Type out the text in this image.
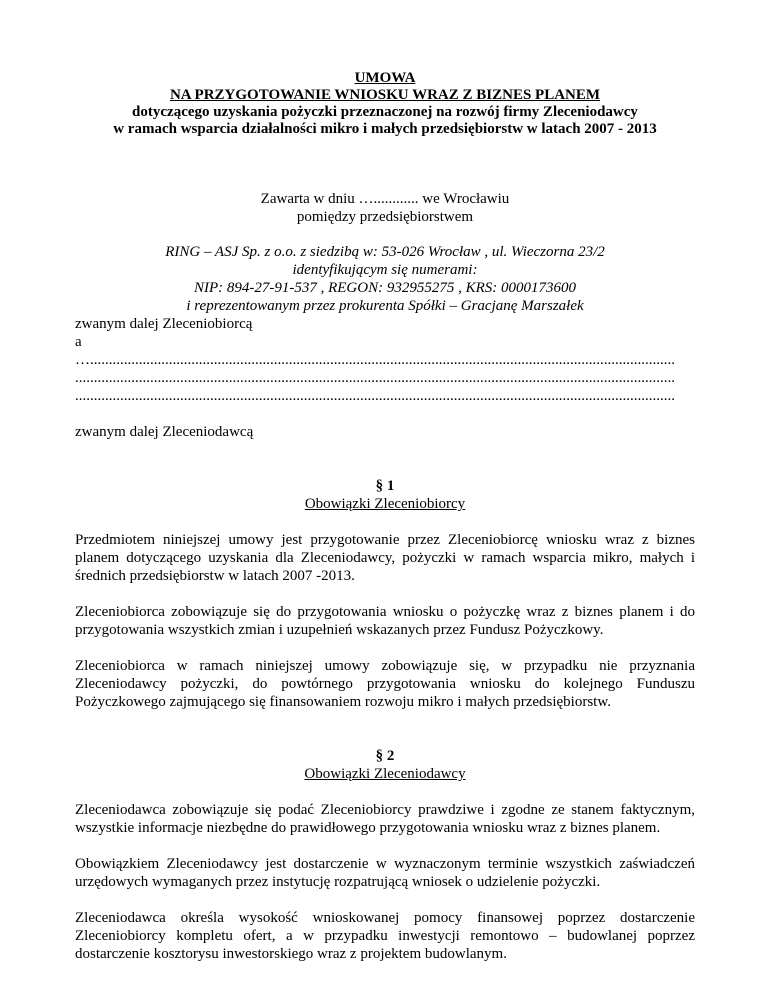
UMOWA
NA PRZYGOTOWANIE WNIOSKU WRAZ Z BIZNES PLANEM
dotyczącego uzyskania pożyczki przeznaczonej na rozwój firmy Zleceniodawcy
w ramach wsparcia działalności mikro i małych przedsiębiorstw w latach 2007 - 2013
Zawarta w dniu …............ we Wrocławiu
pomiędzy przedsiębiorstwem
RING – ASJ Sp. z o.o. z siedzibą w: 53-026 Wrocław , ul. Wieczorna 23/2
identyfikującym się numerami:
NIP: 894-27-91-537 , REGON: 932955275 , KRS: 0000173600
i reprezentowanym przez prokurenta Spółki – Gracjanę Marszałek
zwanym dalej Zleceniobiorcą
a
…............................................................................................................................................................
................................................................................................................................................................
................................................................................................................................................................
zwanym dalej Zleceniodawcą
§ 1
Obowiązki Zleceniobiorcy
Przedmiotem niniejszej umowy jest przygotowanie przez Zleceniobiorcę wniosku wraz z biznes planem dotyczącego uzyskania dla Zleceniodawcy, pożyczki w ramach wsparcia mikro, małych i średnich przedsiębiorstw w latach 2007 -2013.
Zleceniobiorca zobowiązuje się do przygotowania wniosku o pożyczkę wraz z biznes planem i do przygotowania wszystkich zmian i uzupełnień wskazanych przez Fundusz Pożyczkowy.
Zleceniobiorca w ramach niniejszej umowy zobowiązuje się, w przypadku nie przyznania Zleceniodawcy pożyczki, do powtórnego przygotowania wniosku do kolejnego Funduszu Pożyczkowego zajmującego się finansowaniem rozwoju mikro i małych przedsiębiorstw.
§ 2
Obowiązki Zleceniodawcy
Zleceniodawca zobowiązuje się podać Zleceniobiorcy prawdziwe i zgodne ze stanem faktycznym, wszystkie informacje niezbędne do prawidłowego przygotowania wniosku wraz z biznes planem.
Obowiązkiem Zleceniodawcy jest dostarczenie w wyznaczonym terminie wszystkich zaświadczeń urzędowych wymaganych przez instytucję rozpatrującą wniosek o udzielenie pożyczki.
Zleceniodawca określa wysokość wnioskowanej pomocy finansowej poprzez dostarczenie Zleceniobiorcy kompletu ofert, a w przypadku inwestycji remontowo – budowlanej poprzez dostarczenie kosztorysu inwestorskiego wraz z projektem budowlanym.
